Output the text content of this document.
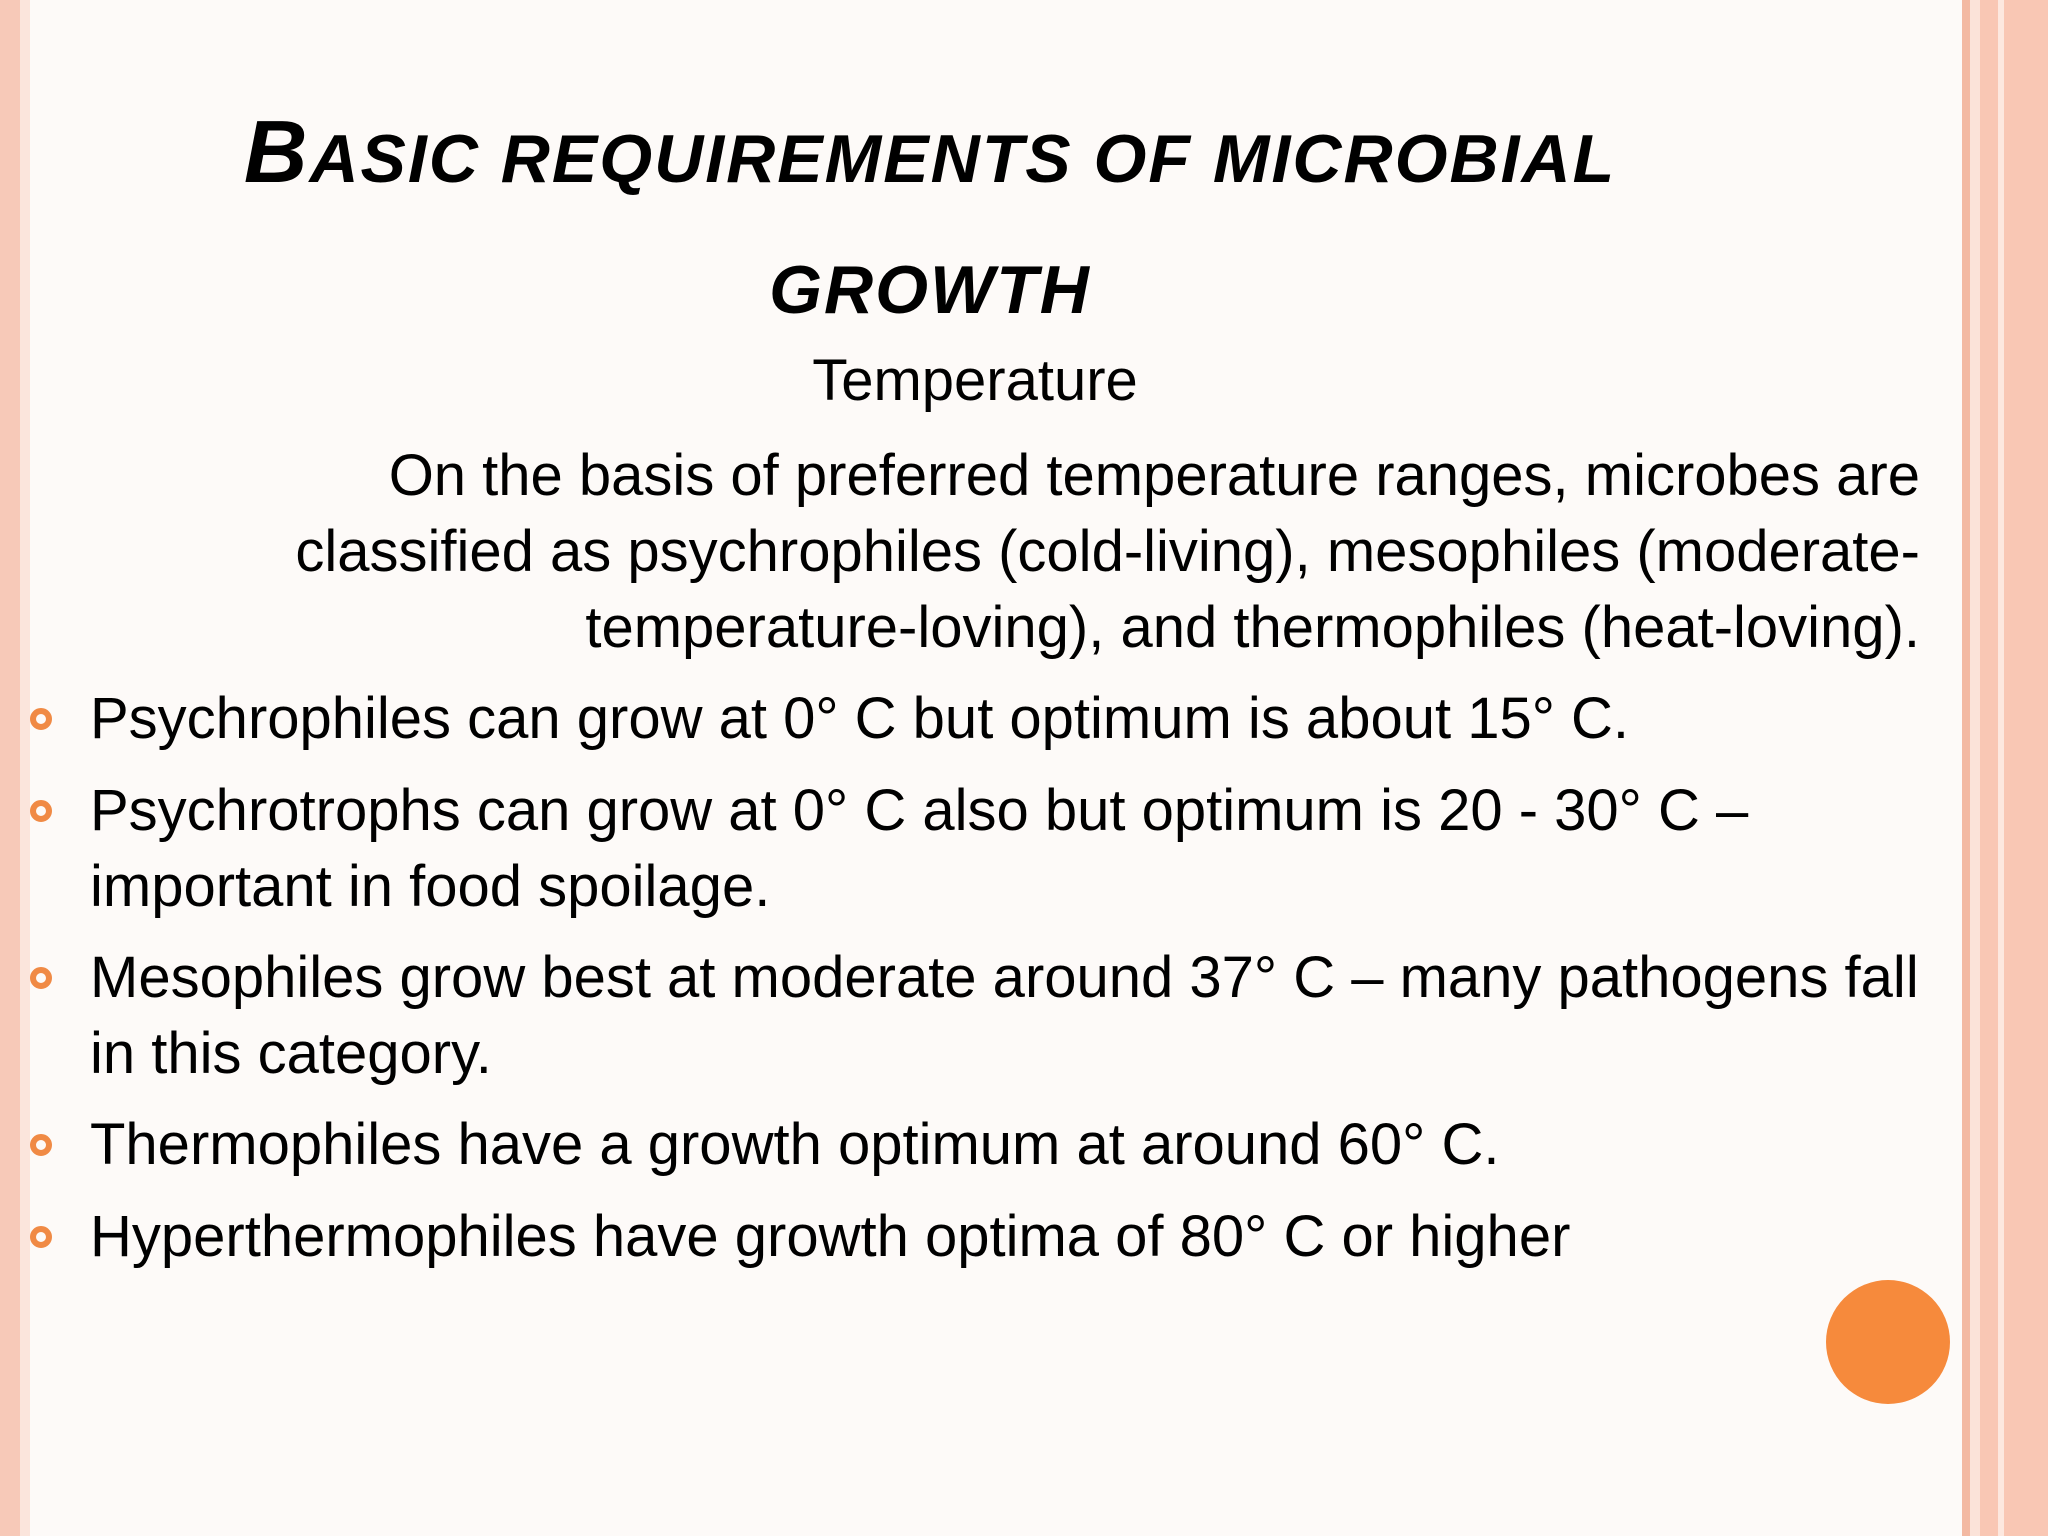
BASIC REQUIREMENTS OF MICROBIAL GROWTH
Temperature
On the basis of preferred temperature ranges, microbes are classified as psychrophiles (cold-living), mesophiles (moderate-temperature-loving), and thermophiles (heat-loving).
Psychrophiles can grow at 0° C but optimum is about 15° C.
Psychrotrophs can grow at 0° C also but optimum is 20 - 30° C – important in food spoilage.
Mesophiles grow best at moderate around 37° C – many pathogens fall in this category.
Thermophiles have a growth optimum at around 60° C.
Hyperthermophiles have growth optima of 80° C or higher
